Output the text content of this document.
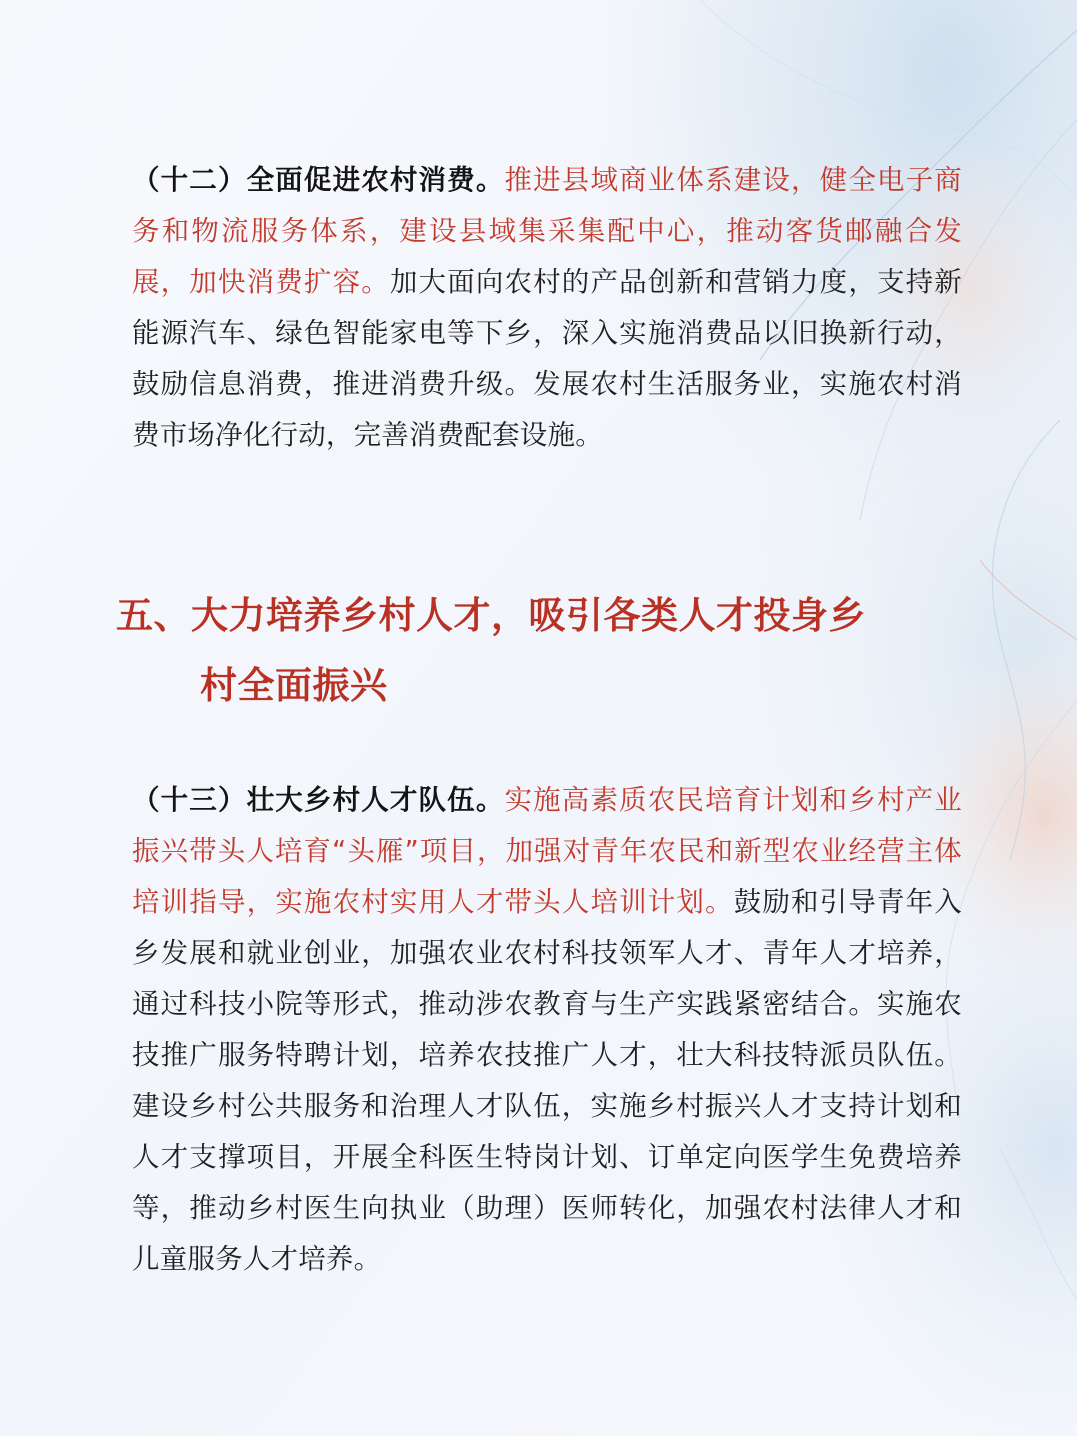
（十二）全面促进农村消费。推进县域商业体系建设，健全电子商务和物流服务体系，建设县域集采集配中心，推动客货邮融合发展，加快消费扩容。加大面向农村的产品创新和营销力度，支持新能源汽车、绿色智能家电等下乡，深入实施消费品以旧换新行动，鼓励信息消费，推进消费升级。发展农村生活服务业，实施农村消费市场净化行动，完善消费配套设施。

五、大力培养乡村人才，吸引各类人才投身乡
村全面振兴

（十三）壮大乡村人才队伍。实施高素质农民培育计划和乡村产业振兴带头人培育“头雁”项目，加强对青年农民和新型农业经营主体培训指导，实施农村实用人才带头人培训计划。鼓励和引导青年入乡发展和就业创业，加强农业农村科技领军人才、青年人才培养，通过科技小院等形式，推动涉农教育与生产实践紧密结合。实施农技推广服务特聘计划，培养农技推广人才，壮大科技特派员队伍。建设乡村公共服务和治理人才队伍，实施乡村振兴人才支持计划和人才支撑项目，开展全科医生特岗计划、订单定向医学生免费培养等，推动乡村医生向执业（助理）医师转化，加强农村法律人才和儿童服务人才培养。
